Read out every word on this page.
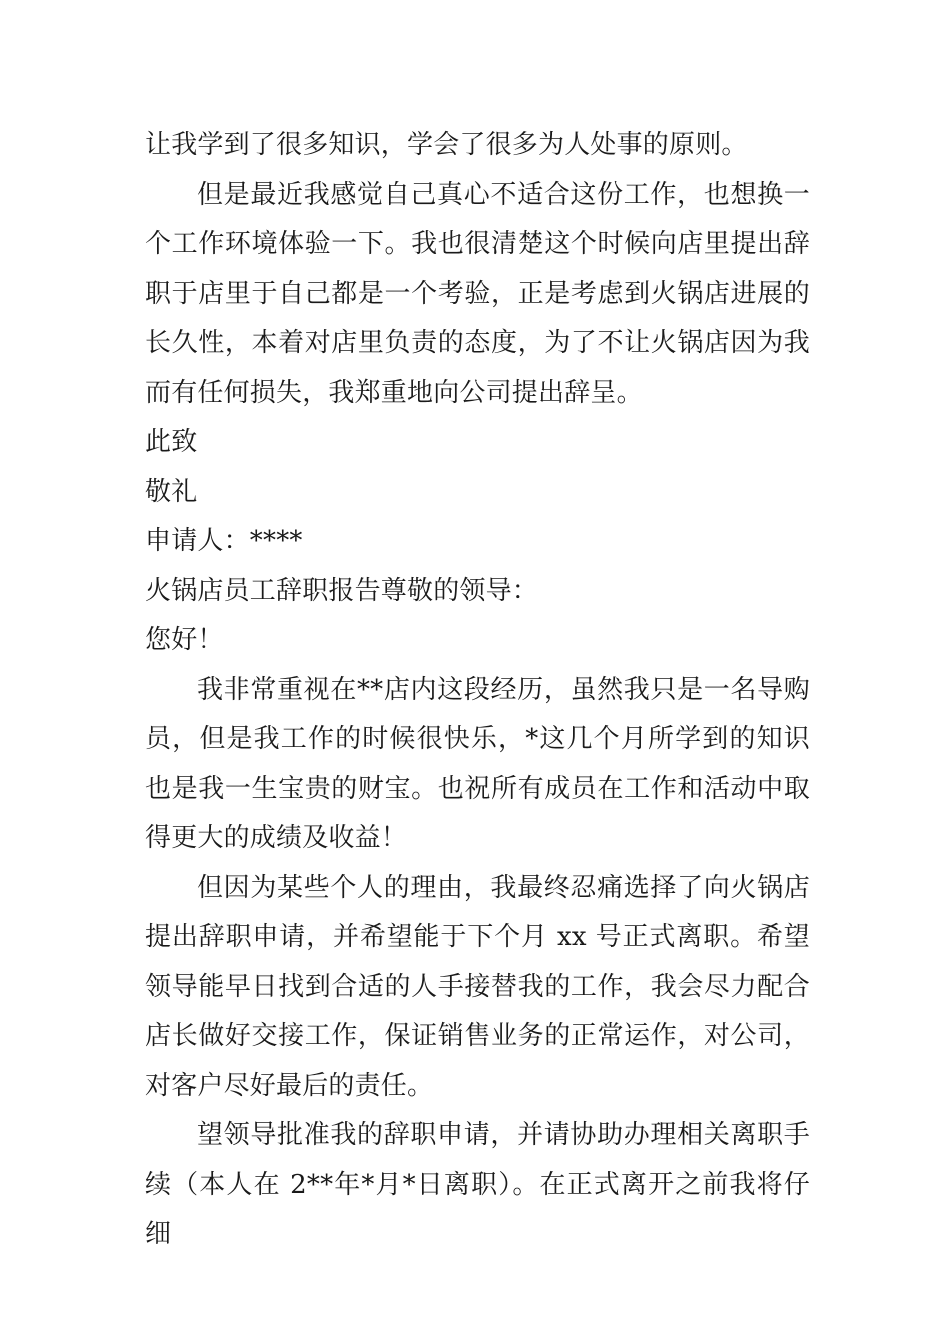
让我学到了很多知识，学会了很多为人处事的原则。

但是最近我感觉自己真心不适合这份工作，也想换一个工作环境体验一下。我也很清楚这个时候向店里提出辞职于店里于自己都是一个考验，正是考虑到火锅店进展的长久性，本着对店里负责的态度，为了不让火锅店因为我而有任何损失，我郑重地向公司提出辞呈。

此致

敬礼

申请人：****

火锅店员工辞职报告尊敬的领导：

您好！

我非常重视在**店内这段经历，虽然我只是一名导购员，但是我工作的时候很快乐，*这几个月所学到的知识也是我一生宝贵的财宝。也祝所有成员在工作和活动中取得更大的成绩及收益！

但因为某些个人的理由，我最终忍痛选择了向火锅店提出辞职申请，并希望能于下个月 xx 号正式离职。希望领导能早日找到合适的人手接替我的工作，我会尽力配合店长做好交接工作，保证销售业务的正常运作，对公司，对客户尽好最后的责任。

望领导批准我的辞职申请，并请协助办理相关离职手续（本人在 2**年*月*日离职）。在正式离开之前我将仔细
